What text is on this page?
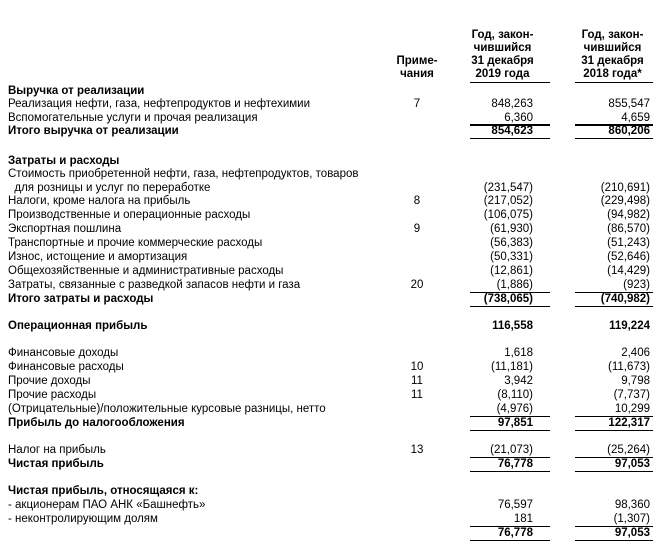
Приме-
чания
Год, закон-
чившийся
31 декабря
2019 года
Год, закон-
чившийся
31 декабря
2018 года*
Выручка от реализации
Реализация нефти, газа, нефтепродуктов и нефтехимии	7	848,263	855,547
Вспомогательные услуги и прочая реализация	6,360	4,659
Итого выручка от реализации	854,623	860,206
Затраты и расходы
Стоимость приобретенной нефти, газа, нефтепродуктов, товаров
для розницы и услуг по переработке	(231,547)	(210,691)
Налоги, кроме налога на прибыль	8	(217,052)	(229,498)
Производственные и операционные расходы	(106,075)	(94,982)
Экспортная пошлина	9	(61,930)	(86,570)
Транспортные и прочие коммерческие расходы	(56,383)	(51,243)
Износ, истощение и амортизация	(50,331)	(52,646)
Общехозяйственные и административные расходы	(12,861)	(14,429)
Затраты, связанные с разведкой запасов нефти и газа	20	(1,886)	(923)
Итого затраты и расходы	(738,065)	(740,982)
Операционная прибыль	116,558	119,224
Финансовые доходы	1,618	2,406
Финансовые расходы	10	(11,181)	(11,673)
Прочие доходы	11	3,942	9,798
Прочие расходы	11	(8,110)	(7,737)
(Отрицательные)/положительные курсовые разницы, нетто	(4,976)	10,299
Прибыль до налогообложения	97,851	122,317
Налог на прибыль	13	(21,073)	(25,264)
Чистая прибыль	76,778	97,053
Чистая прибыль, относящаяся к:
- акционерам ПАО АНК «Башнефть»	76,597	98,360
- неконтролирующим долям	181	(1,307)
76,778	97,053
